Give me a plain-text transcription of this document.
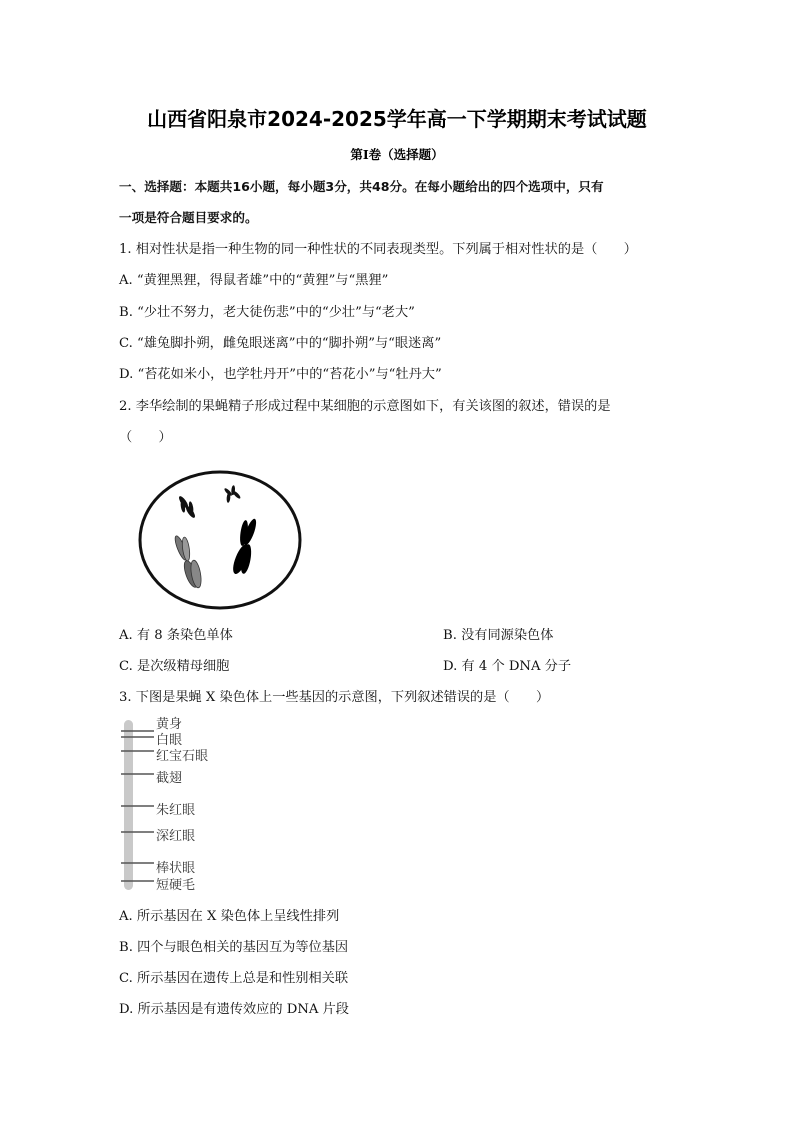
山西省阳泉市2024-2025学年高一下学期期末考试试题
第Ⅰ卷（选择题）
一、选择题：本题共16小题，每小题3分，共48分。在每小题给出的四个选项中，只有
一项是符合题目要求的。
1. 相对性状是指一种生物的同一种性状的不同表现类型。下列属于相对性状的是（　　）
A. “黄狸黑狸，得鼠者雄”中的“黄狸”与“黑狸”
B. “少壮不努力，老大徒伤悲”中的“少壮”与“老大”
C. “雄兔脚扑朔，雌兔眼迷离”中的“脚扑朔”与“眼迷离”
D. “苔花如米小，也学牡丹开”中的“苔花小”与“牡丹大”
2. 李华绘制的果蝇精子形成过程中某细胞的示意图如下，有关该图的叙述，错误的是
（　　）
A. 有 8 条染色单体	B. 没有同源染色体
C. 是次级精母细胞	D. 有 4 个 DNA 分子
3. 下图是果蝇 X 染色体上一些基因的示意图，下列叙述错误的是（　　）
黄身
白眼
红宝石眼
截翅
朱红眼
深红眼
棒状眼
短硬毛
A. 所示基因在 X 染色体上呈线性排列
B. 四个与眼色相关的基因互为等位基因
C. 所示基因在遗传上总是和性别相关联
D. 所示基因是有遗传效应的 DNA 片段
